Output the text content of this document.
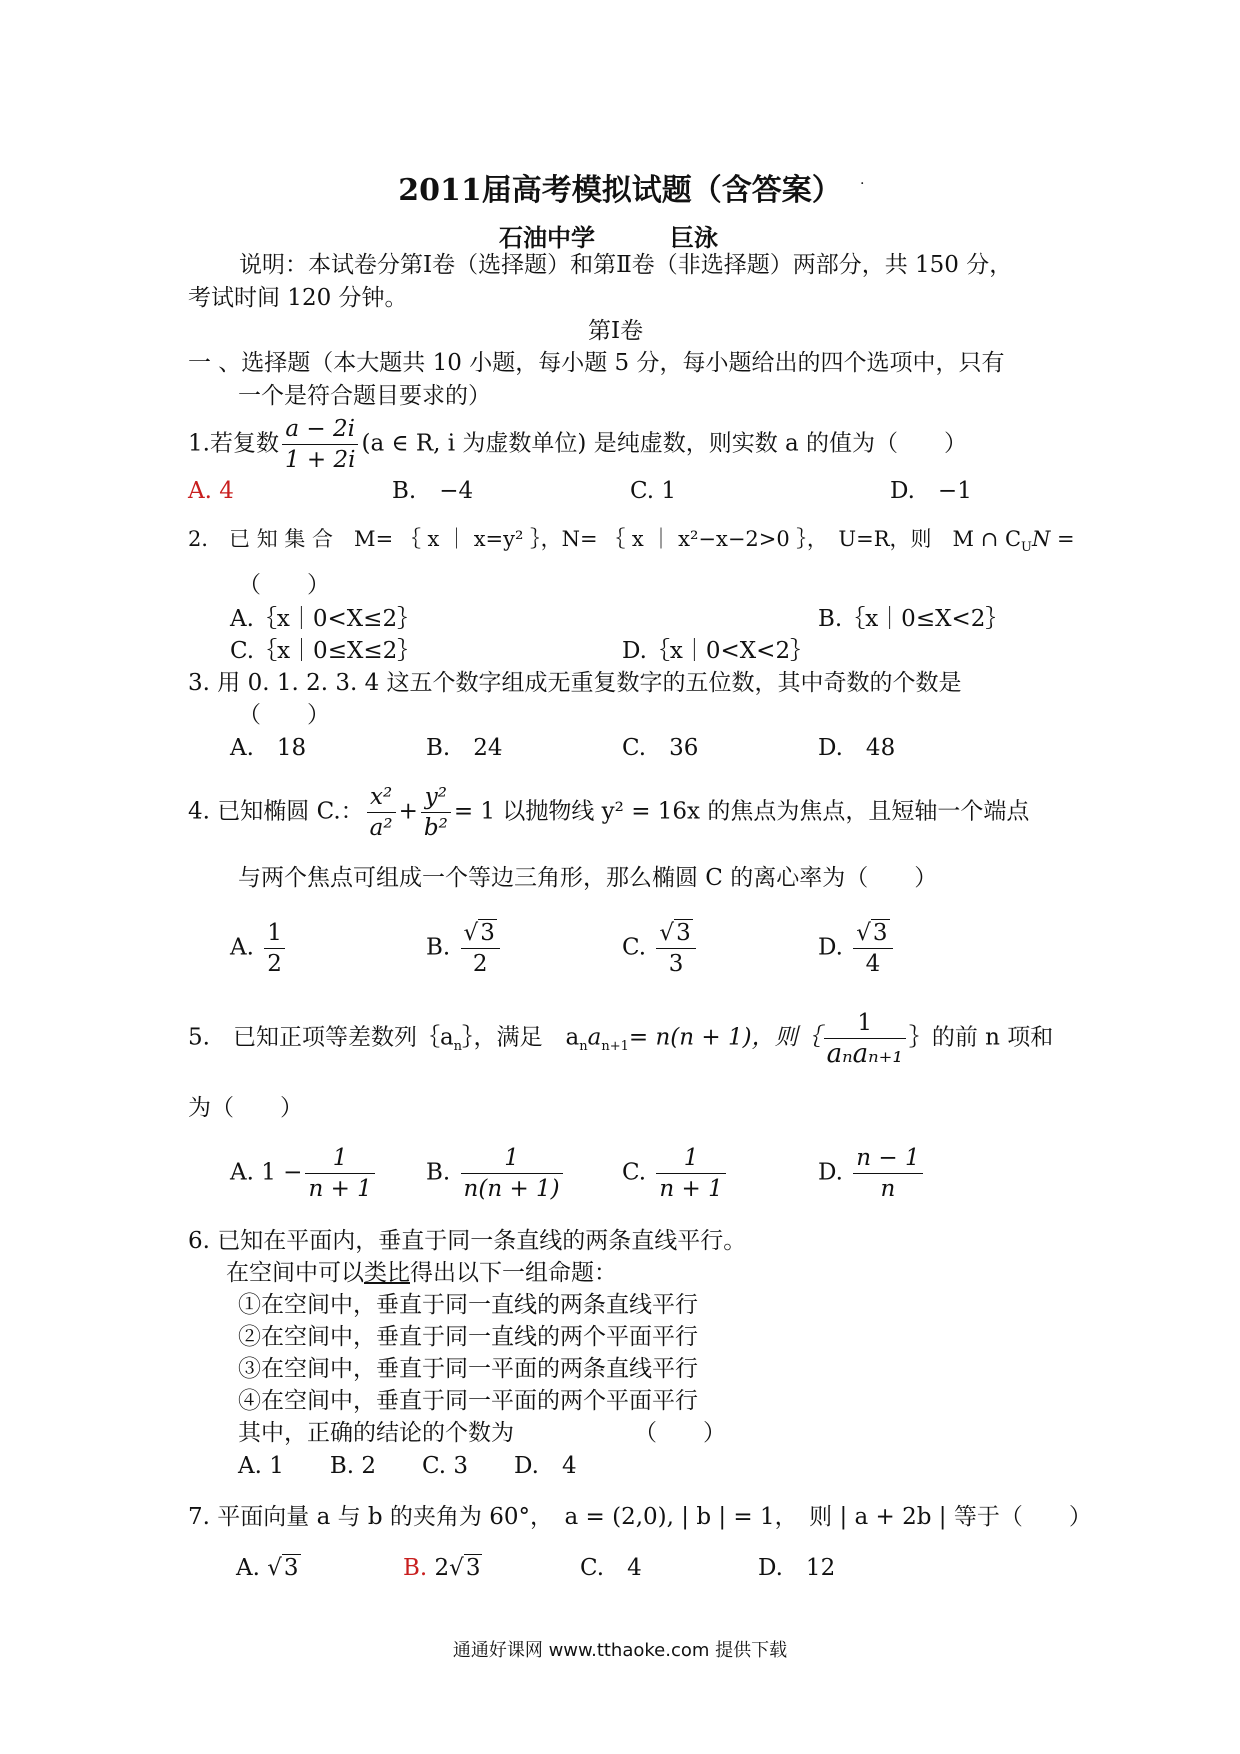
2011届高考模拟试题（含答案）	.
石油中学	巨泳
说明：本试卷分第Ⅰ卷（选择题）和第Ⅱ卷（非选择题）两部分，共 150 分，
考试时间 120 分钟。
第Ⅰ卷
一 、选择题（本大题共 10 小题，每小题 5 分，每小题给出的四个选项中，只有
一个是符合题目要求的）
1.若复数 $\frac{a - 2i}{1 + 2i} (a$ ∈ R, i 为虚数单位) 是纯虚数，则实数 a 的值为（　　）
A. 4	B.　−4	C. 1	D.　−1
2． 已 知 集 合　M= ｛ x ｜ x=y² ｝，N= ｛ x ｜ x²−x−2>0 ｝，　U=R，则　M ∩ $C_UN$ =
（　　）
A.｛x｜0<X≤2｝	B.｛x｜0≤X<2｝
C.｛x｜0≤X≤2｝	D.｛x｜0<X<2｝
3. 用 0. 1. 2. 3. 4 这五个数字组成无重复数字的五位数，其中奇数的个数是
（　　）
A.　18	B.　24	C.　36	D.　48
4. 已知椭圆 C.： $\frac{\text{x²}}{\text{a²}} + \frac{\text{y²}}{\text{b²}} = 1$ 以抛物线 y² = 16x 的焦点为焦点，且短轴一个端点
与两个焦点可组成一个等边三角形，那么椭圆 C 的离心率为（　　）
A. $\frac{1}{2}$	B. $\frac{√3}{2}$	C. $\frac{√3}{3}$	D. $\frac{√3}{4}$
5.　已知正项等差数列$\{a_n\}$，满足　$a_na_{n+1}= n(n + 1)$，则｛ $\frac{1}{\text{aₙaₙ₊₁}}$ ｝的前 n 项和
为（　　）
A. $1 - \frac{1}{n + 1} B$. $\frac{1}{n(n + 1)}$	C. $\frac{1}{n + 1}$	D. $\frac{n - 1}{n}$
6. 已知在平面内，垂直于同一条直线的两条直线平行。
在空间中可以类比得出以下一组命题：
①在空间中，垂直于同一直线的两条直线平行
②在空间中，垂直于同一直线的两个平面平行
③在空间中，垂直于同一平面的两条直线平行
④在空间中，垂直于同一平面的两个平面平行
其中，正确的结论的个数为	（　　）
A. 1　　B. 2　　C. 3　　D.　4
7. 平面向量 a 与 b 的夹角为 60°，　a = (2,0), | b | = 1，　则 | a + 2b | 等于（　　）
A. √3	B. 2√3	C.　4	D.　12
通通好课网 www.tthaoke.com 提供下载
